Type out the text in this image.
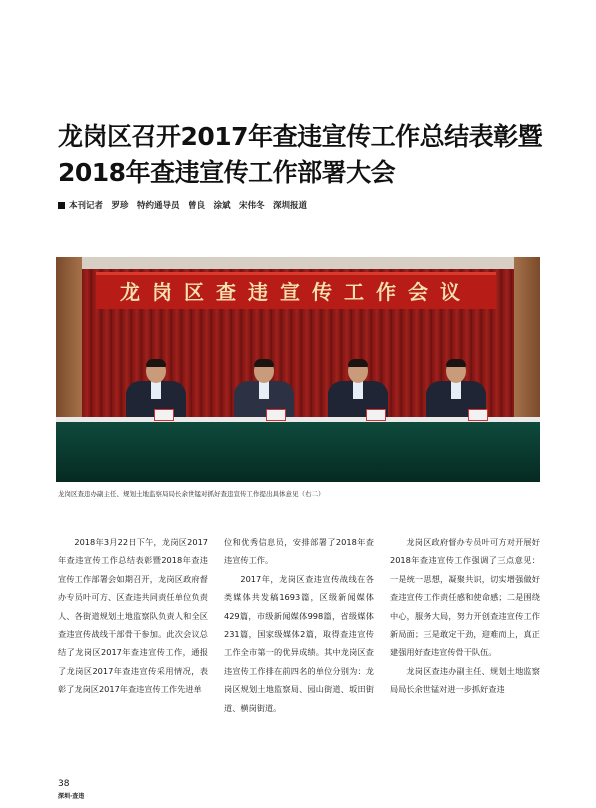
龙岗区召开2017年查违宣传工作总结表彰暨
2018年查违宣传工作部署大会
本刊记者　罗珍　特约通导员　曾良　涂斌　宋伟冬　深圳报道
龙岗区查违宣传工作会议

龙岗区查违办副主任、规划土地监察局局长余世锰对抓好查违宣传工作提出具体意见（右二）

2018年3月22日下午，龙岗区2017年查违宣传工作总结表彰暨2018年查违宣传工作部署会如期召开，龙岗区政府督办专员叶可方、区查违共同责任单位负责人、各街道规划土地监察队负责人和全区查违宣传战线干部骨干参加。此次会议总结了龙岗区2017年查违宣传工作，通报了龙岗区2017年查违宣传采用情况，表彰了龙岗区2017年查违宣传工作先进单

位和优秀信息员，安排部署了2018年查违宣传工作。

2017年，龙岗区查违宣传战线在各类媒体共发稿1693篇，区级新闻媒体429篇，市级新闻媒体998篇，省级媒体231篇，国家级媒体2篇，取得查违宣传工作全市第一的优异成绩。其中龙岗区查违宣传工作排在前四名的单位分别为：龙岗区规划土地监察局、园山街道、坂田街道、横岗街道。

龙岗区政府督办专员叶可方对开展好2018年查违宣传工作强调了三点意见：一是统一思想，凝聚共识，切实增强做好查违宣传工作责任感和使命感；二是围绕中心，服务大局，努力开创查违宣传工作新局面；三是敢定干劲，迎难而上，真正建强用好查违宣传骨干队伍。

龙岗区查违办副主任、规划土地监察局局长余世锰对进一步抓好查违

38
深圳·查违
